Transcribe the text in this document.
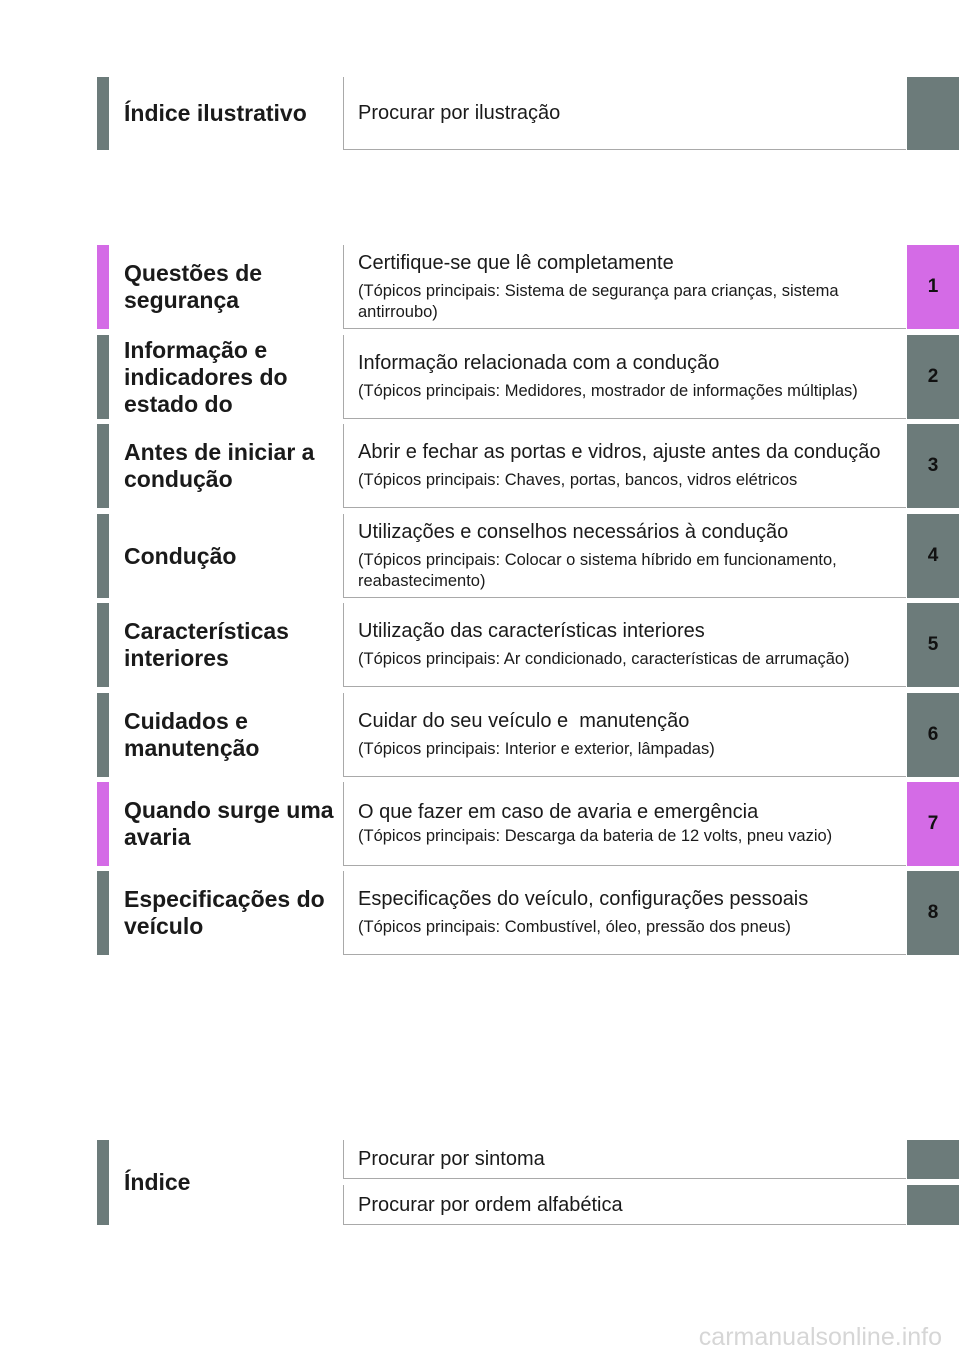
Índice ilustrativo	Procurar por ilustração
Questões de segurança
Certifique-se que lê completamente
(Tópicos principais: Sistema de segurança para crianças, sistema antirroubo)
1
Informação e indicadores do estado do
Informação relacionada com a condução
(Tópicos principais: Medidores, mostrador de informações múltiplas)
2
Antes de iniciar a condução
Abrir e fechar as portas e vidros, ajuste antes da condução
(Tópicos principais: Chaves, portas, bancos, vidros elétricos
3
Condução
Utilizações e conselhos necessários à condução
(Tópicos principais: Colocar o sistema híbrido em funcionamento, reabastecimento)
4
Características interiores
Utilização das características interiores
(Tópicos principais: Ar condicionado, características de arrumação)
5
Cuidados e manutenção
Cuidar do seu veículo e  manutenção
(Tópicos principais: Interior e exterior, lâmpadas)
6
Quando surge uma avaria
O que fazer em caso de avaria e emergência
(Tópicos principais: Descarga da bateria de 12 volts, pneu vazio)
7
Especificações do veículo
Especificações do veículo, configurações pessoais
(Tópicos principais: Combustível, óleo, pressão dos pneus)
8
Índice
Procurar por sintoma
Procurar por ordem alfabética
carmanualsonline.info
